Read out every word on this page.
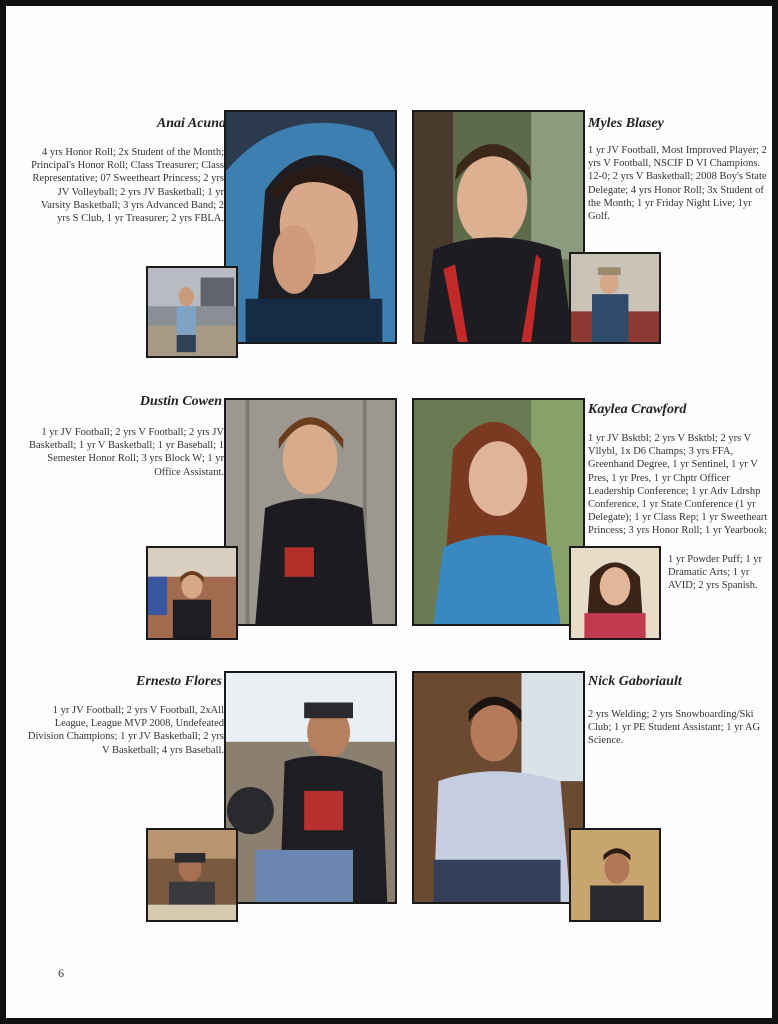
Anai Acuna
4 yrs Honor Roll; 2x Student of the Month; Principal's Honor Roll; Class Treasurer; Class Representative; 07 Sweetheart Princess; 2 yrs JV Volleyball; 2 yrs JV Basketball; 1 yr Varsity Basketball; 3 yrs Advanced Band; 2 yrs S Club, 1 yr Treasurer; 2 yrs FBLA.
Myles Blasey
1 yr JV Football, Most Improved Player; 2 yrs V Football, NSCIF D VI Champions. 12-0; 2 yrs V Basketball; 2008 Boy's State Delegate; 4 yrs Honor Roll; 3x Student of the Month; 1 yr Friday Night Live; 1yr Golf.
Dustin Cowen
1 yr JV Football; 2 yrs V Football; 2 yrs JV Basketball; 1 yr V Basketball; 1 yr Baseball; 1 Semester Honor Roll; 3 yrs Block W; 1 yr Office Assistant.
Kaylea Crawford
1 yr JV Bsktbl; 2 yrs V Bsktbl; 2 yrs V Vllybl, 1x D6 Champs; 3 yrs FFA, Greenhand Degree, 1 yr Sentinel, 1 yr V Pres, 1 yr Pres, 1 yr Chptr Officer Leadership Conference; 1 yr Adv Ldrshp Conference, 1 yr State Conference (1 yr Delegate); 1 yr Class Rep; 1 yr Sweetheart Princess; 3 yrs Honor Roll; 1 yr Yearbook;
1 yr Powder Puff; 1 yr Dramatic Arts; 1 yr AVID; 2 yrs Spanish.
Ernesto Flores
1 yr JV Football; 2 yrs V Football, 2xAll League, League MVP 2008, Undefeated Division Champions; 1 yr JV Basketball; 2 yrs V Basketball; 4 yrs Baseball.
Nick Gaboriault
2 yrs Welding; 2 yrs Snowboarding/Ski Club; 1 yr PE Student Assistant; 1 yr AG Science.
6
